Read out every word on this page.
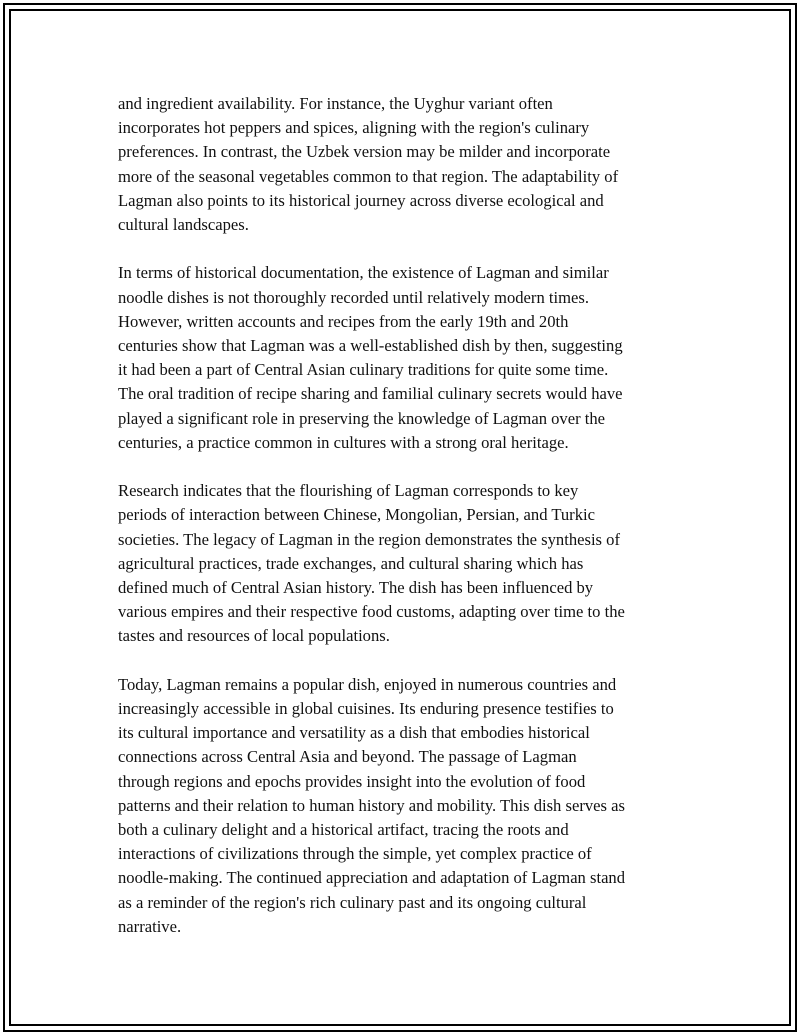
and ingredient availability. For instance, the Uyghur variant often
incorporates hot peppers and spices, aligning with the region's culinary
preferences. In contrast, the Uzbek version may be milder and incorporate
more of the seasonal vegetables common to that region. The adaptability of
Lagman also points to its historical journey across diverse ecological and
cultural landscapes.

In terms of historical documentation, the existence of Lagman and similar
noodle dishes is not thoroughly recorded until relatively modern times.
However, written accounts and recipes from the early 19th and 20th
centuries show that Lagman was a well-established dish by then, suggesting
it had been a part of Central Asian culinary traditions for quite some time.
The oral tradition of recipe sharing and familial culinary secrets would have
played a significant role in preserving the knowledge of Lagman over the
centuries, a practice common in cultures with a strong oral heritage.

Research indicates that the flourishing of Lagman corresponds to key
periods of interaction between Chinese, Mongolian, Persian, and Turkic
societies. The legacy of Lagman in the region demonstrates the synthesis of
agricultural practices, trade exchanges, and cultural sharing which has
defined much of Central Asian history. The dish has been influenced by
various empires and their respective food customs, adapting over time to the
tastes and resources of local populations.

Today, Lagman remains a popular dish, enjoyed in numerous countries and
increasingly accessible in global cuisines. Its enduring presence testifies to
its cultural importance and versatility as a dish that embodies historical
connections across Central Asia and beyond. The passage of Lagman
through regions and epochs provides insight into the evolution of food
patterns and their relation to human history and mobility. This dish serves as
both a culinary delight and a historical artifact, tracing the roots and
interactions of civilizations through the simple, yet complex practice of
noodle-making. The continued appreciation and adaptation of Lagman stand
as a reminder of the region's rich culinary past and its ongoing cultural
narrative.
